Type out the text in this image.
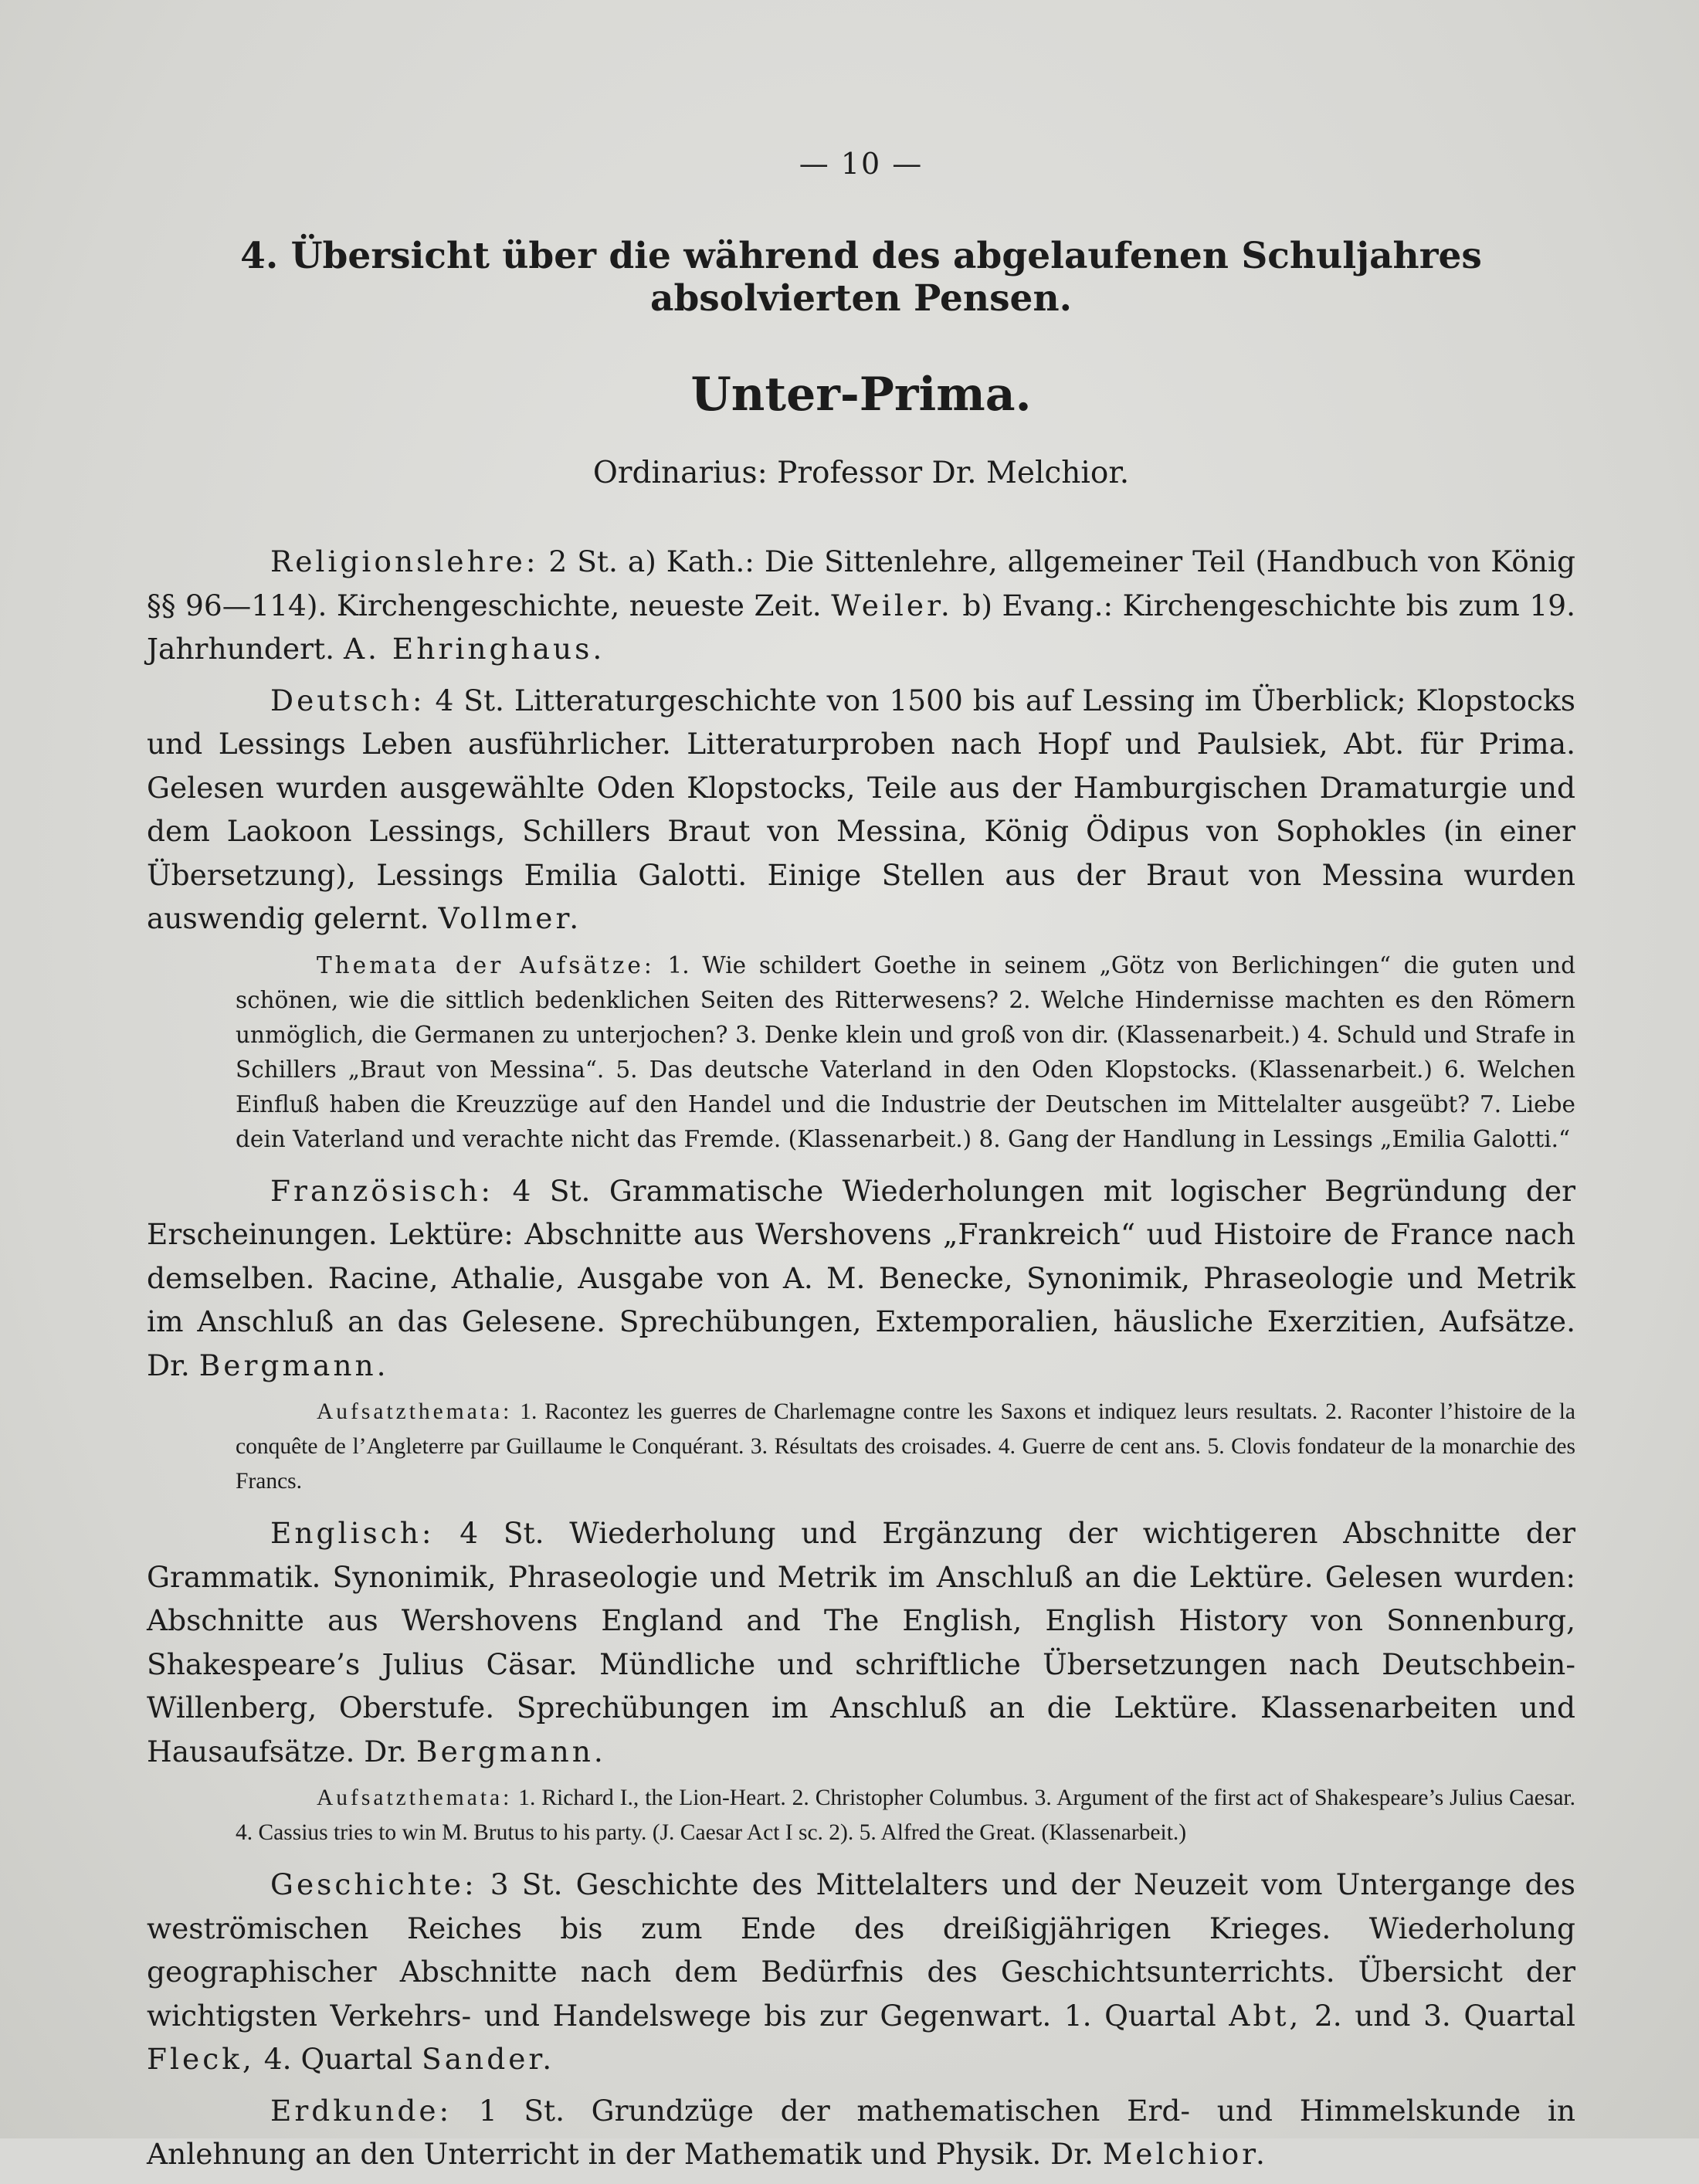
— 10 —
4. Übersicht über die während des abgelaufenen Schuljahres absolvierten Pensen.
Unter-Prima.
Ordinarius: Professor Dr. Melchior.

Religionslehre: 2 St. a) Kath.: Die Sittenlehre, allgemeiner Teil (Handbuch von König §§ 96—114). Kirchengeschichte, neueste Zeit. Weiler. b) Evang.: Kirchengeschichte bis zum 19. Jahrhundert. A. Ehringhaus.

Deutsch: 4 St. Litteraturgeschichte von 1500 bis auf Lessing im Überblick; Klopstocks und Lessings Leben ausführlicher. Litteraturproben nach Hopf und Paulsiek, Abt. für Prima. Gelesen wurden ausgewählte Oden Klopstocks, Teile aus der Hamburgischen Dramaturgie und dem Laokoon Lessings, Schillers Braut von Messina, König Ödipus von Sophokles (in einer Übersetzung), Lessings Emilia Galotti. Einige Stellen aus der Braut von Messina wurden auswendig gelernt. Vollmer.

Themata der Aufsätze: 1. Wie schildert Goethe in seinem „Götz von Berlichingen“ die guten und schönen, wie die sittlich bedenklichen Seiten des Ritterwesens? 2. Welche Hindernisse machten es den Römern unmöglich, die Germanen zu unterjochen? 3. Denke klein und groß von dir. (Klassenarbeit.) 4. Schuld und Strafe in Schillers „Braut von Messina“. 5. Das deutsche Vaterland in den Oden Klopstocks. (Klassenarbeit.) 6. Welchen Einfluß haben die Kreuzzüge auf den Handel und die Industrie der Deutschen im Mittelalter ausgeübt? 7. Liebe dein Vaterland und verachte nicht das Fremde. (Klassenarbeit.) 8. Gang der Handlung in Lessings „Emilia Galotti.“

Französisch: 4 St. Grammatische Wiederholungen mit logischer Begründung der Erscheinungen. Lektüre: Abschnitte aus Wershovens „Frankreich“ uud Histoire de France nach demselben. Racine, Athalie, Ausgabe von A. M. Benecke, Synonimik, Phraseologie und Metrik im Anschluß an das Gelesene. Sprechübungen, Extemporalien, häusliche Exerzitien, Aufsätze. Dr. Bergmann.

Aufsatzthemata: 1. Racontez les guerres de Charlemagne contre les Saxons et indiquez leurs resultats. 2. Raconter l’histoire de la conquête de l’Angleterre par Guillaume le Conquérant. 3. Résultats des croisades. 4. Guerre de cent ans. 5. Clovis fondateur de la monarchie des Francs.

Englisch: 4 St. Wiederholung und Ergänzung der wichtigeren Abschnitte der Grammatik. Synonimik, Phraseologie und Metrik im Anschluß an die Lektüre. Gelesen wurden: Abschnitte aus Wershovens England and The English, English History von Sonnenburg, Shakespeare’s Julius Cäsar. Mündliche und schriftliche Übersetzungen nach Deutschbein-Willenberg, Oberstufe. Sprechübungen im Anschluß an die Lektüre. Klassenarbeiten und Hausaufsätze. Dr. Bergmann.

Aufsatzthemata: 1. Richard I., the Lion-Heart. 2. Christopher Columbus. 3. Argument of the first act of Shakespeare’s Julius Caesar. 4. Cassius tries to win M. Brutus to his party. (J. Caesar Act I sc. 2). 5. Alfred the Great. (Klassenarbeit.)

Geschichte: 3 St. Geschichte des Mittelalters und der Neuzeit vom Untergange des weströmischen Reiches bis zum Ende des dreißigjährigen Krieges. Wiederholung geographischer Abschnitte nach dem Bedürfnis des Geschichtsunterrichts. Übersicht der wichtigsten Verkehrs- und Handelswege bis zur Gegenwart. 1. Quartal Abt, 2. und 3. Quartal Fleck, 4. Quartal Sander.

Erdkunde: 1 St. Grundzüge der mathematischen Erd- und Himmelskunde in Anlehnung an den Unterricht in der Mathematik und Physik. Dr. Melchior.
